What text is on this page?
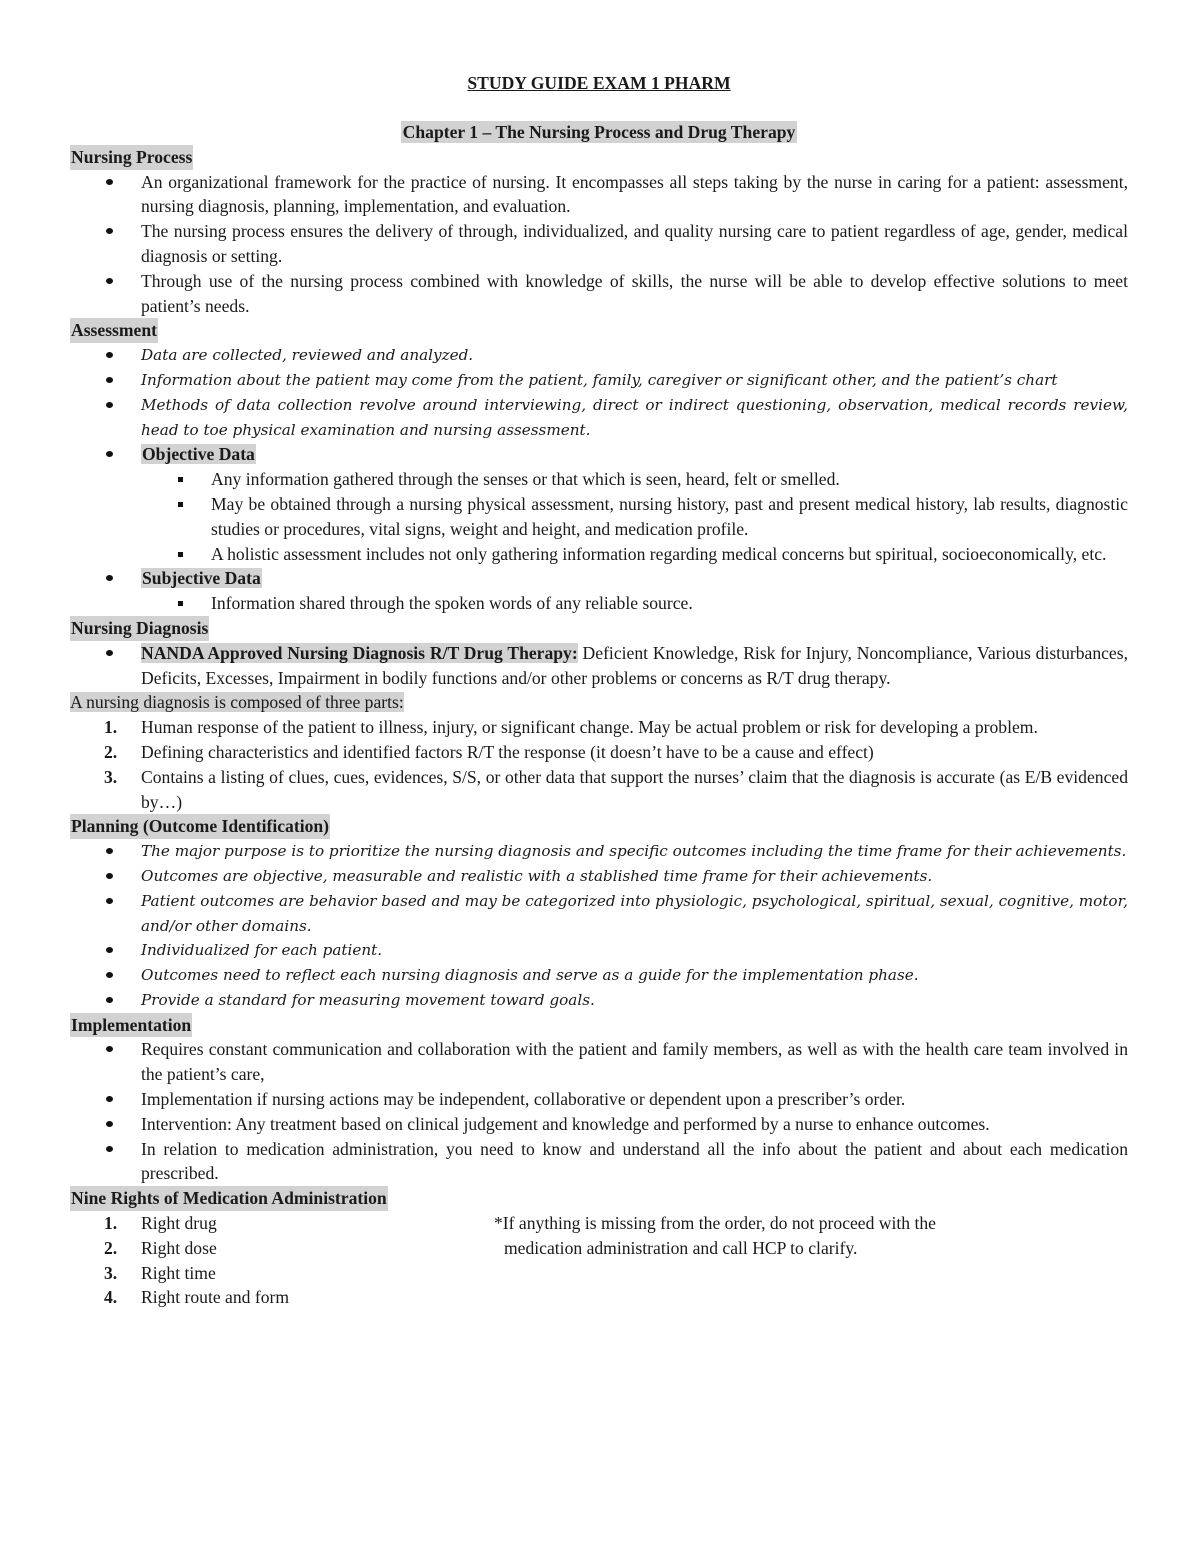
STUDY GUIDE EXAM 1 PHARM

Chapter 1 – The Nursing Process and Drug Therapy
Nursing Process
An organizational framework for the practice of nursing. It encompasses all steps taking by the nurse in caring for a patient: assessment, nursing diagnosis, planning, implementation, and evaluation.
The nursing process ensures the delivery of through, individualized, and quality nursing care to patient regardless of age, gender, medical diagnosis or setting.
Through use of the nursing process combined with knowledge of skills, the nurse will be able to develop effective solutions to meet patient’s needs.
Assessment
Data are collected, reviewed and analyzed.
Information about the patient may come from the patient, family, caregiver or significant other, and the patient’s chart
Methods of data collection revolve around interviewing, direct or indirect questioning, observation, medical records review, head to toe physical examination and nursing assessment.
Objective Data
Any information gathered through the senses or that which is seen, heard, felt or smelled.
May be obtained through a nursing physical assessment, nursing history, past and present medical history, lab results, diagnostic studies or procedures, vital signs, weight and height, and medication profile.
A holistic assessment includes not only gathering information regarding medical concerns but spiritual, socioeconomically, etc.
Subjective Data
Information shared through the spoken words of any reliable source.
Nursing Diagnosis
NANDA Approved Nursing Diagnosis R/T Drug Therapy: Deficient Knowledge, Risk for Injury, Noncompliance, Various disturbances, Deficits, Excesses, Impairment in bodily functions and/or other problems or concerns as R/T drug therapy.
A nursing diagnosis is composed of three parts:
1. Human response of the patient to illness, injury, or significant change. May be actual problem or risk for developing a problem.
2. Defining characteristics and identified factors R/T the response (it doesn’t have to be a cause and effect)
3. Contains a listing of clues, cues, evidences, S/S, or other data that support the nurses’ claim that the diagnosis is accurate (as E/B evidenced by…)
Planning (Outcome Identification)
The major purpose is to prioritize the nursing diagnosis and specific outcomes including the time frame for their achievements.
Outcomes are objective, measurable and realistic with a stablished time frame for their achievements.
Patient outcomes are behavior based and may be categorized into physiologic, psychological, spiritual, sexual, cognitive, motor, and/or other domains.
Individualized for each patient.
Outcomes need to reflect each nursing diagnosis and serve as a guide for the implementation phase.
Provide a standard for measuring movement toward goals.
Implementation
Requires constant communication and collaboration with the patient and family members, as well as with the health care team involved in the patient’s care,
Implementation if nursing actions may be independent, collaborative or dependent upon a prescriber’s order.
Intervention: Any treatment based on clinical judgement and knowledge and performed by a nurse to enhance outcomes.
In relation to medication administration, you need to know and understand all the info about the patient and about each medication prescribed.
Nine Rights of Medication Administration
1. Right drug
2. Right dose
3. Right time
4. Right route and form
*If anything is missing from the order, do not proceed with the
medication administration and call HCP to clarify.
